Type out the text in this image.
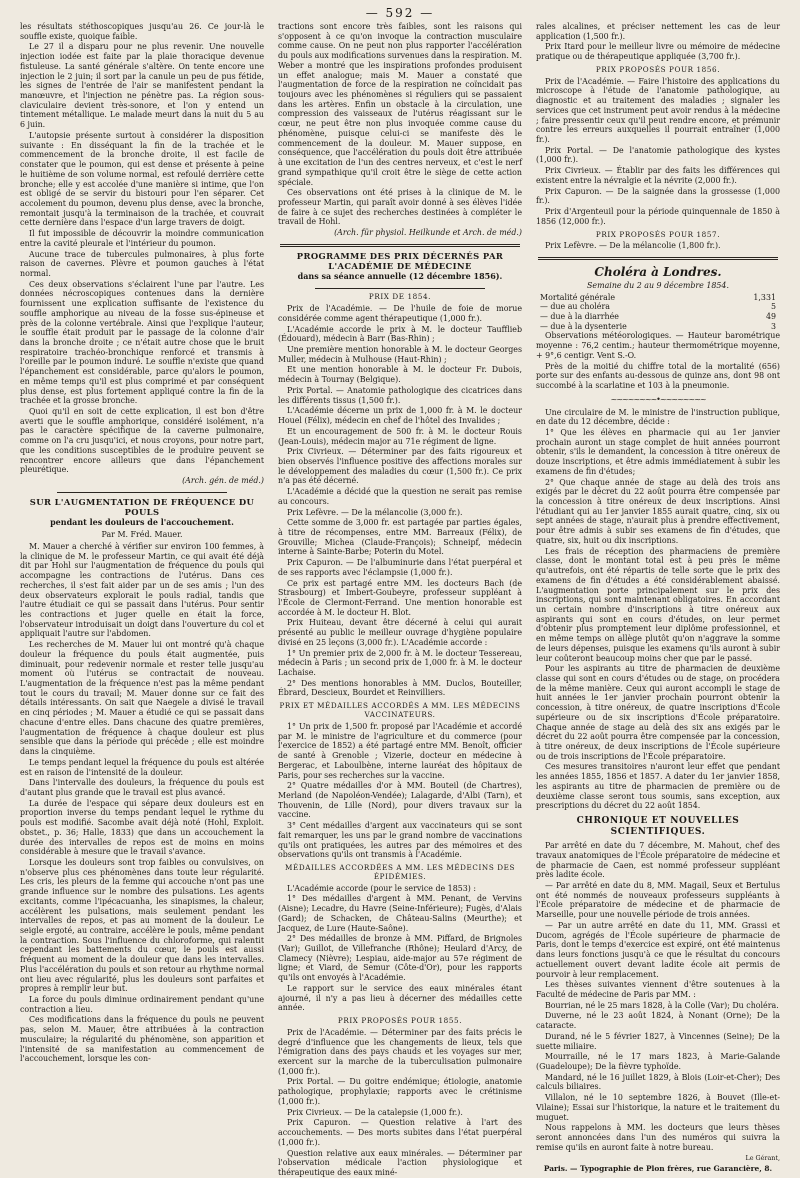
— 592 —

les résultats stéthoscopiques jusqu'au 26. Ce jour-là le souffle existe, quoique faible.

Le 27 il a disparu pour ne plus revenir. Une nouvelle injection iodée est faite par la plaie thoracique devenue fistuleuse. La santé générale s'altère. On tente encore une injection le 2 juin; il sort par la canule un peu de pus fétide, les signes de l'entrée de l'air se manifestent pendant la manœuvre, et l'injection ne pénètre pas. La région sous-claviculaire devient très-sonore, et l'on y entend un tintement métallique. Le malade meurt dans la nuit du 5 au 6 juin.

L'autopsie présente surtout à considérer la disposition suivante : En disséquant la fin de la trachée et le commencement de la bronche droite, il est facile de constater que le poumon, qui est dense et présente à peine le huitième de son volume normal, est refoulé derrière cette bronche; elle y est accolée d'une manière si intime, que l'on est obligé de se servir du bistouri pour l'en séparer. Cet accolement du poumon, devenu plus dense, avec la bronche, remontait jusqu'à la terminaison de la trachée, et couvrait cette dernière dans l'espace d'un large travers de doigt.

Il fut impossible de découvrir la moindre communication entre la cavité pleurale et l'intérieur du poumon.

Aucune trace de tubercules pulmonaires, à plus forte raison de cavernes. Plèvre et poumon gauches à l'état normal.

Ces deux observations s'éclairent l'une par l'autre. Les données nécroscopiques contenues dans la dernière fournissent une explication suffisante de l'existence du souffle amphorique au niveau de la fosse sus-épineuse et près de la colonne vertébrale. Ainsi que l'explique l'auteur, le souffle était produit par le passage de la colonne d'air dans la bronche droite ; ce n'était autre chose que le bruit respiratoire trachéo-bronchique renforcé et transmis à l'oreille par le poumon induré. Le souffle n'existe que quand l'épanchement est considérable, parce qu'alors le poumon, en même temps qu'il est plus comprimé et par conséquent plus dense, est plus fortement appliqué contre la fin de la trachée et la grosse bronche.

Quoi qu'il en soit de cette explication, il est bon d'être averti que le souffle amphorique, considéré isolément, n'a pas le caractère spécifique de la caverne pulmonaire, comme on l'a cru jusqu'ici, et nous croyons, pour notre part, que les conditions susceptibles de le produire peuvent se rencontrer encore ailleurs que dans l'épanchement pleurétique.

(Arch. gén. de méd.)
SUR L'AUGMENTATION DE FRÉQUENCE DU POULS
pendant les douleurs de l'accouchement.
Par M. Fréd. Mauer.

M. Mauer a cherché à vérifier sur environ 100 femmes, à la clinique de M. le professeur Martin, ce qui avait été déjà dit par Hohl sur l'augmentation de fréquence du pouls qui accompagne les contractions de l'utérus. Dans ces recherches, il s'est fait aider par un de ses amis ; l'un des deux observateurs explorait le pouls radial, tandis que l'autre étudiait ce qui se passait dans l'utérus. Pour sentir les contractions et juger quelle en était la force, l'observateur introduisait un doigt dans l'ouverture du col et appliquait l'autre sur l'abdomen.

Les recherches de M. Mauer lui ont montré qu'à chaque douleur la fréquence du pouls était augmentée, puis diminuait, pour redevenir normale et rester telle jusqu'au moment où l'utérus se contractait de nouveau. L'augmentation de la fréquence n'est pas la même pendant tout le cours du travail; M. Mauer donne sur ce fait des détails intéressants. On sait que Naegele a divisé le travail en cinq périodes ; M. Mauer a étudié ce qui se passait dans chacune d'entre elles. Dans chacune des quatre premières, l'augmentation de fréquence à chaque douleur est plus sensible que dans la période qui précède ; elle est moindre dans la cinquième.

Le temps pendant lequel la fréquence du pouls est altérée est en raison de l'intensité de la douleur.

Dans l'intervalle des douleurs, la fréquence du pouls est d'autant plus grande que le travail est plus avancé.

La durée de l'espace qui sépare deux douleurs est en proportion inverse du temps pendant lequel le rythme du pouls est modifié. Sacombe avait déjà noté (Hohl, Exploit. obstet., p. 36; Halle, 1833) que dans un accouchement la durée des intervalles de repos est de moins en moins considérable à mesure que le travail s'avance.

Lorsque les douleurs sont trop faibles ou convulsives, on n'observe plus ces phénomènes dans toute leur régularité. Les cris, les pleurs de la femme qui accouche n'ont pas une grande influence sur le nombre des pulsations. Les agents excitants, comme l'ipécacuanha, les sinapismes, la chaleur, accélèrent les pulsations, mais seulement pendant les intervalles de repos, et pas au moment de la douleur. Le seigle ergoté, au contraire, accélère le pouls, même pendant la contraction. Sous l'influence du chloroforme, qui ralentit cependant les battements du cœur, le pouls est aussi fréquent au moment de la douleur que dans les intervalles. Plus l'accélération du pouls et son retour au rhythme normal ont lieu avec régularité, plus les douleurs sont parfaites et propres à remplir leur but.

La force du pouls diminue ordinairement pendant qu'une contraction a lieu.

Ces modifications dans la fréquence du pouls ne peuvent pas, selon M. Mauer, être attribuées à la contraction musculaire; la régularité du phénomène, son apparition et l'intensité de sa manifestation au commencement de l'accouchement, lorsque les con-

tractions sont encore très faibles, sont les raisons qui s'opposent à ce qu'on invoque la contraction musculaire comme cause. On ne peut non plus rapporter l'accélération du pouls aux modifications survenues dans la respiration. M. Weber a montré que les inspirations profondes produisent un effet analogue; mais M. Mauer a constaté que l'augmentation de force de la respiration ne coïncidait pas toujours avec les phénomènes si réguliers qui se passaient dans les artères. Enfin un obstacle à la circulation, une compression des vaisseaux de l'utérus réagissant sur le cœur, ne peut être non plus invoquée comme cause du phénomène, puisque celui-ci se manifeste dès le commencement de la douleur. M. Mauer suppose, en conséquence, que l'accélération du pouls doit être attribuée à une excitation de l'un des centres nerveux, et c'est le nerf grand sympathique qu'il croit être le siège de cette action spéciale.

Ces observations ont été prises à la clinique de M. le professeur Martin, qui paraît avoir donné à ses élèves l'idée de faire à ce sujet des recherches destinées à compléter le travail de Hohl.

(Arch. für physiol. Heilkunde et Arch. de méd.)
PROGRAMME DES PRIX DÉCERNÉS PAR L'ACADÉMIE DE MÉDECINE
dans sa séance annuelle (12 décembre 1856).
PRIX DE 1854.

Prix de l'Académie. — De l'huile de foie de morue considérée comme agent thérapeutique (1,000 fr.).

L'Académie accorde le prix à M. le docteur Taufflieb (Édouard), médecin à Barr (Bas-Rhin) ;

Une première mention honorable à M. le docteur Georges Muller, médecin à Mulhouse (Haut-Rhin) ;

Et une mention honorable à M. le docteur Fr. Dubois, médecin à Tournay (Belgique).

Prix Portal. — Anatomie pathologique des cicatrices dans les différents tissus (1,500 fr.).

L'Académie décerne un prix de 1,000 fr. à M. le docteur Houel (Félix), médecin en chef de l'hôtel des Invalides ;

Et un encouragement de 500 fr. à M. le docteur Rouis (Jean-Louis), médecin major au 71e régiment de ligne.

Prix Civrieux. — Déterminer par des faits rigoureux et bien observés l'influence positive des affections morales sur le développement des maladies du cœur (1,500 fr.). Ce prix n'a pas été décerné.

L'Académie a décidé que la question ne serait pas remise au concours.

Prix Lefèvre. — De la mélancolie (3,000 fr.).

Cette somme de 3,000 fr. est partagée par parties égales, à titre de récompenses, entre MM. Barreaux (Félix), de Grouville; Michea (Claude-François); Schneipf, médecin interne à Sainte-Barbe; Poterin du Motel.

Prix Capuron. — De l'albuminurie dans l'état puerpéral et de ses rapports avec l'éclampsie (1,000 fr.).

Ce prix est partagé entre MM. les docteurs Bach (de Strasbourg) et Imbert-Goubeyre, professeur suppléant à l'École de Clermont-Ferrand. Une mention honorable est accordée à M. le docteur H. Blot.

Prix Huiteau, devant être décerné à celui qui aurait présenté au public le meilleur ouvrage d'hygiène populaire divisé en 25 leçons (3,000 fr.). L'Académie accorde :

1° Un premier prix de 2,000 fr. à M. le docteur Tessereau, médecin à Paris ; un second prix de 1,000 fr. à M. le docteur Lachaise.

2° Des mentions honorables à MM. Duclos, Bouteiller, Ébrard, Descieux, Bourdet et Reinvilliers.

PRIX ET MÉDAILLES ACCORDÉS A MM. LES MÉDECINS VACCINATEURS.

1° Un prix de 1,500 fr. proposé par l'Académie et accordé par M. le ministre de l'agriculture et du commerce (pour l'exercice de 1852) a été partagé entre MM. Benoît, officier de santé à Grenoble ; Vizerie, docteur en médecine à Bergerac, et Laboulbène, interne lauréat des hôpitaux de Paris, pour ses recherches sur la vaccine.

2° Quatre médailles d'or à MM. Bouteil (de Chartres), Merland (de Napoléon-Vendée); Lalagarde, d'Albi (Tarn), et Thouvenin, de Lille (Nord), pour divers travaux sur la vaccine.

3° Cent médailles d'argent aux vaccinateurs qui se sont fait remarquer, les uns par le grand nombre de vaccinations qu'ils ont pratiquées, les autres par des mémoires et des observations qu'ils ont transmis à l'Académie.

MÉDAILLES ACCORDÉES A MM. LES MÉDECINS DES ÉPIDÉMIES.

L'Académie accorde (pour le service de 1853) :

1° Des médailles d'argent à MM. Penant, de Vervins (Aisne); Lecadre, du Havre (Seine-Inférieure); Fugès, d'Alais (Gard); de Schacken, de Château-Salins (Meurthe); et Jacquez, de Lure (Haute-Saône).

2° Des médailles de bronze à MM. Piffard, de Brignoles (Var); Guillot, de Villefranche (Rhône); Heulard d'Arcy, de Clamecy (Nièvre); Lespiau, aide-major au 57e régiment de ligne; et Viard, de Semur (Côte-d'Or), pour les rapports qu'ils ont envoyés à l'Académie.

Le rapport sur le service des eaux minérales étant ajourné, il n'y a pas lieu à décerner des médailles cette année.

PRIX PROPOSÉS POUR 1855.

Prix de l'Académie. — Déterminer par des faits précis le degré d'influence que les changements de lieux, tels que l'émigration dans des pays chauds et les voyages sur mer, exercent sur la marche de la tuberculisation pulmonaire (1,000 fr.).

Prix Portal. — Du goitre endémique; étiologie, anatomie pathologique, prophylaxie; rapports avec le crétinisme (1,000 fr.).

Prix Civrieux. — De la catalepsie (1,000 fr.).

Prix Capuron. — Question relative à l'art des accouchements. — Des morts subites dans l'état puerpéral (1,000 fr.).

Question relative aux eaux minérales. — Déterminer par l'observation médicale l'action physiologique et thérapeutique des eaux miné-

rales alcalines, et préciser nettement les cas de leur application (1,500 fr.).

Prix Itard pour le meilleur livre ou mémoire de médecine pratique ou de thérapeutique appliquée (3,700 fr.).

PRIX PROPOSÉS POUR 1856.

Prix de l'Académie. — Faire l'histoire des applications du microscope à l'étude de l'anatomie pathologique, au diagnostic et au traitement des maladies ; signaler les services que cet instrument peut avoir rendus à la médecine ; faire pressentir ceux qu'il peut rendre encore, et prémunir contre les erreurs auxquelles il pourrait entraîner (1,000 fr.).

Prix Portal. — De l'anatomie pathologique des kystes (1,000 fr.).

Prix Civrieux. — Établir par des faits les différences qui existent entre la névralgie et la névrite (2,000 fr.).

Prix Capuron. — De la saignée dans la grossesse (1,000 fr.).

Prix d'Argenteuil pour la période quinquennale de 1850 à 1856 (12,000 fr.).

PRIX PROPOSÉS POUR 1857.

Prix Lefèvre. — De la mélancolie (1,800 fr.).

Choléra à Londres.
Semaine du 2 au 9 décembre 1854.
Mortalité générale	1,331
— due au choléra	5
— due à la diarrhée	49
— due à la dysenterie	3

Observations météorologiques. — Hauteur barométrique moyenne : 76,2 centim.; hauteur thermométrique moyenne, + 9°,6 centigr. Vent S.-O.

Près de la moitié du chiffre total de la mortalité (656) porte sur des enfants au-dessous de quinze ans, dont 98 ont succombé à la scarlatine et 103 à la pneumonie.

~~~~~~~~•~~~~~~~~

Une circulaire de M. le ministre de l'instruction publique, en date du 12 décembre, décide :

1° Que les élèves en pharmacie qui au 1er janvier prochain auront un stage complet de huit années pourront obtenir, s'ils le demandent, la concession à titre onéreux de douze inscriptions, et être admis immédiatement à subir les examens de fin d'études;

2° Que chaque année de stage au delà des trois ans exigés par le décret du 22 août pourra être compensée par la concession à titre onéreux de deux inscriptions. Ainsi l'étudiant qui au 1er janvier 1855 aurait quatre, cinq, six ou sept années de stage, n'aurait plus à prendre effectivement, pour être admis à subir ses examens de fin d'études, que quatre, six, huit ou dix inscriptions.

Les frais de réception des pharmaciens de première classe, dont le montant total est à peu près le même qu'autrefois, ont été répartis de telle sorte que le prix des examens de fin d'études a été considérablement abaissé. L'augmentation porte principalement sur le prix des inscriptions, qui sont maintenant obligatoires. En accordant un certain nombre d'inscriptions à titre onéreux aux aspirants qui sont en cours d'études, on leur permet d'obtenir plus promptement leur diplôme professionnel, et en même temps on allège plutôt qu'on n'aggrave la somme de leurs dépenses, puisque les examens qu'ils auront à subir leur coûteront beaucoup moins cher que par le passé.

Pour les aspirants au titre de pharmacien de deuxième classe qui sont en cours d'études ou de stage, on procédera de la même manière. Ceux qui auront accompli le stage de huit années le 1er janvier prochain pourront obtenir la concession, à titre onéreux, de quatre inscriptions d'École supérieure ou de six inscriptions d'École préparatoire. Chaque année de stage au delà des six ans exigés par le décret du 22 août pourra être compensée par la concession, à titre onéreux, de deux inscriptions de l'École supérieure ou de trois inscriptions de l'École préparatoire.

Ces mesures transitoires n'auront leur effet que pendant les années 1855, 1856 et 1857. A dater du 1er janvier 1858, les aspirants au titre de pharmacien de première ou de deuxième classe seront tous soumis, sans exception, aux prescriptions du décret du 22 août 1854.

CHRONIQUE ET NOUVELLES SCIENTIFIQUES.

Par arrêté en date du 7 décembre, M. Mahout, chef des travaux anatomiques de l'École préparatoire de médecine et de pharmacie de Caen, est nommé professeur suppléant près ladite école.

— Par arrêté en date du 8, MM. Magail, Seux et Bertulus ont été nommés de nouveaux professeurs suppléants à l'École préparatoire de médecine et de pharmacie de Marseille, pour une nouvelle période de trois années.

— Par un autre arrêté en date du 11, MM. Grassi et Ducom, agrégés de l'École supérieure de pharmacie de Paris, dont le temps d'exercice est expiré, ont été maintenus dans leurs fonctions jusqu'à ce que le résultat du concours actuellement ouvert devant ladite école ait permis de pourvoir à leur remplacement.

Les thèses suivantes viennent d'être soutenues à la Faculté de médecine de Paris par MM. :

Bourrian, né le 25 mars 1828, à la Colle (Var); Du choléra.

Duverne, né le 23 août 1824, à Nonant (Orne); De la cataracte.

Durand, né le 5 février 1827, à Vincennes (Seine); De la suette miliaire.

Mourraille, né le 17 mars 1823, à Marie-Galande (Guadeloupe); De la fièvre typhoïde.

Mandard, né le 16 juillet 1829, à Blois (Loir-et-Cher); Des calculs biliaires.

Villalon, né le 10 septembre 1826, à Bouvet (Ille-et-Vilaine); Essai sur l'historique, la nature et le traitement du muguet.

Nous rappelons à MM. les docteurs que leurs thèses seront annoncées dans l'un des numéros qui suivra la remise qu'ils en auront faite à notre bureau.

Le Gérant,
Paris. — Typographie de Plon frères, rue Garancière, 8.
